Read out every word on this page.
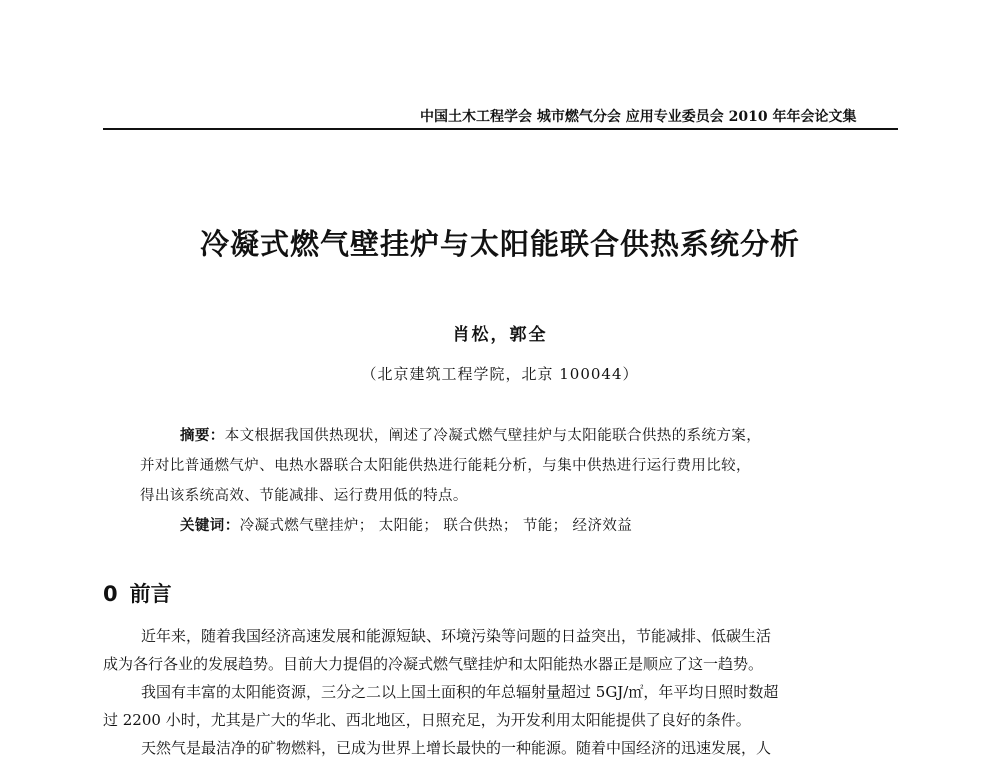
中国土木工程学会 城市燃气分会 应用专业委员会 2010 年年会论文集
冷凝式燃气壁挂炉与太阳能联合供热系统分析
肖松，郭全
（北京建筑工程学院，北京 100044）
摘要：本文根据我国供热现状，阐述了冷凝式燃气壁挂炉与太阳能联合供热的系统方案，
并对比普通燃气炉、电热水器联合太阳能供热进行能耗分析，与集中供热进行运行费用比较，
得出该系统高效、节能减排、运行费用低的特点。
关键词：冷凝式燃气壁挂炉； 太阳能； 联合供热； 节能； 经济效益
0 前言
近年来，随着我国经济高速发展和能源短缺、环境污染等问题的日益突出，节能减排、低碳生活
成为各行各业的发展趋势。目前大力提倡的冷凝式燃气壁挂炉和太阳能热水器正是顺应了这一趋势。
我国有丰富的太阳能资源，三分之二以上国土面积的年总辐射量超过 5GJ/㎡，年平均日照时数超
过 2200 小时，尤其是广大的华北、西北地区，日照充足，为开发利用太阳能提供了良好的条件。
天然气是最洁净的矿物燃料，已成为世界上增长最快的一种能源。随着中国经济的迅速发展，人
